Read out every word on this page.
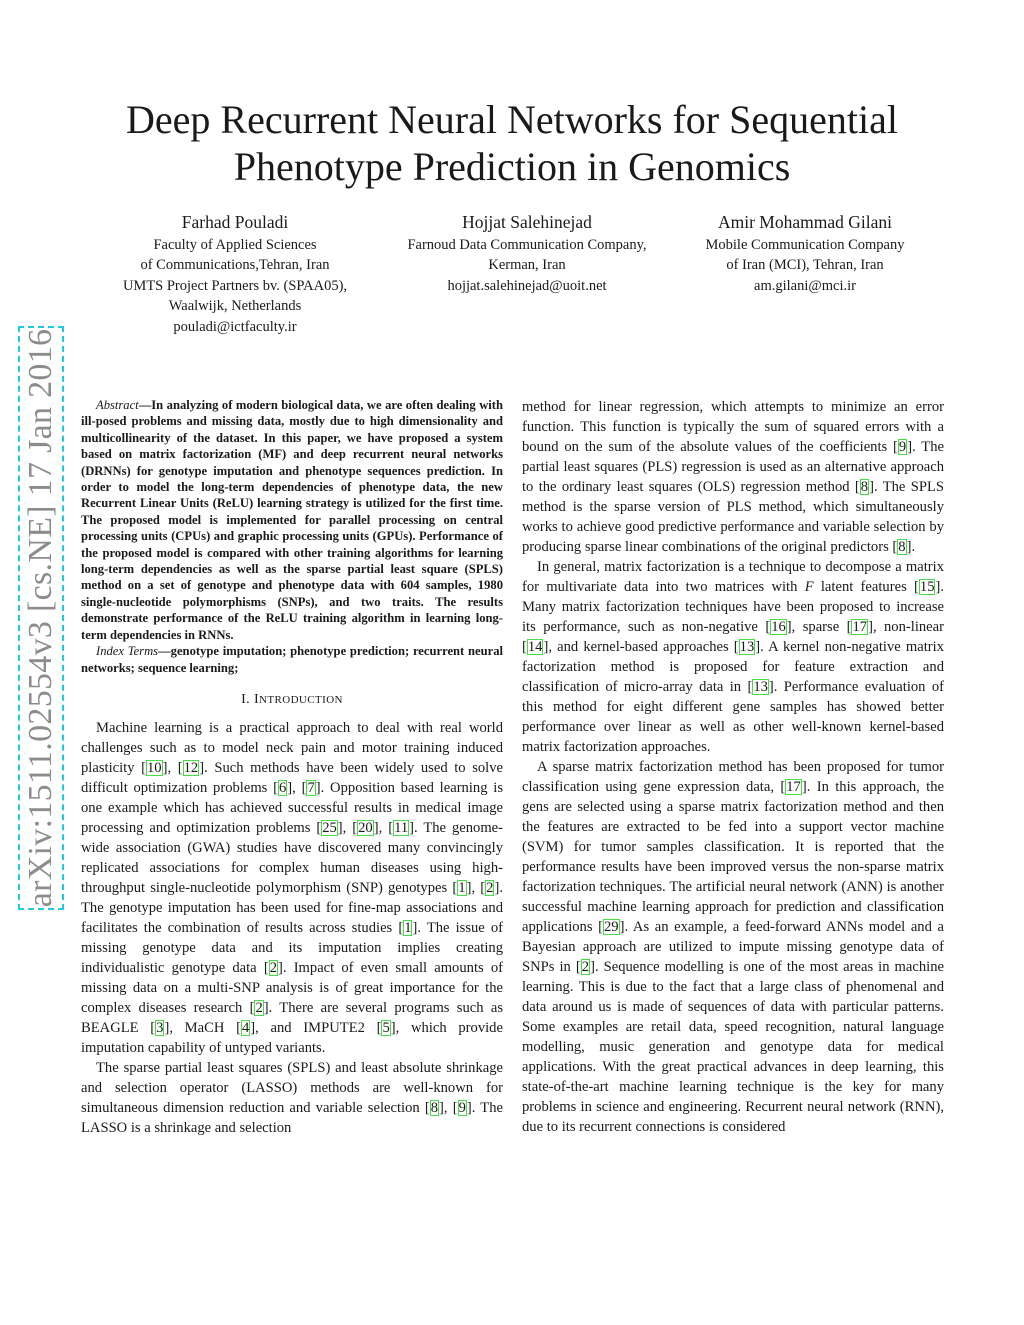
Deep Recurrent Neural Networks for Sequential Phenotype Prediction in Genomics
Farhad Pouladi
Faculty of Applied Sciences
of Communications,Tehran, Iran
UMTS Project Partners bv. (SPAA05),
Waalwijk, Netherlands
pouladi@ictfaculty.ir
Hojjat Salehinejad
Farnoud Data Communication Company,
Kerman, Iran
hojjat.salehinejad@uoit.net
Amir Mohammad Gilani
Mobile Communication Company
of Iran (MCI), Tehran, Iran
am.gilani@mci.ir
arXiv:1511.02554v3 [cs.NE] 17 Jan 2016	Abstract—In analyzing of modern biological data, we are often dealing with ill-posed problems and missing data, mostly due to high dimensionality and multicollinearity of the dataset. In this paper, we have proposed a system based on matrix factorization (MF) and deep recurrent neural networks (DRNNs) for genotype imputation and phenotype sequences prediction. In order to model the long-term dependencies of phenotype data, the new Recurrent Linear Units (ReLU) learning strategy is utilized for the first time. The proposed model is implemented for parallel processing on central processing units (CPUs) and graphic processing units (GPUs). Performance of the proposed model is compared with other training algorithms for learning long-term dependencies as well as the sparse partial least square (SPLS) method on a set of genotype and phenotype data with 604 samples, 1980 single-nucleotide polymorphisms (SNPs), and two traits. The results demonstrate performance of the ReLU training algorithm in learning long-term dependencies in RNNs.

Index Terms—genotype imputation; phenotype prediction; recurrent neural networks; sequence learning;

I. INTRODUCTION

Machine learning is a practical approach to deal with real world challenges such as to model neck pain and motor training induced plasticity [10], [12]. Such methods have been widely used to solve difficult optimization problems [6], [7]. Opposition based learning is one example which has achieved successful results in medical image processing and optimization problems [25], [20], [11]. The genome-wide association (GWA) studies have discovered many convincingly replicated associations for complex human diseases using high-throughput single-nucleotide polymorphism (SNP) genotypes [1], [2]. The genotype imputation has been used for fine-map associations and facilitates the combination of results across studies [1]. The issue of missing genotype data and its imputation implies creating individualistic genotype data [2]. Impact of even small amounts of missing data on a multi-SNP analysis is of great importance for the complex diseases research [2]. There are several programs such as BEAGLE [3], MaCH [4], and IMPUTE2 [5], which provide imputation capability of untyped variants.

The sparse partial least squares (SPLS) and least absolute shrinkage and selection operator (LASSO) methods are well-known for simultaneous dimension reduction and variable selection [8], [9]. The LASSO is a shrinkage and selection

method for linear regression, which attempts to minimize an error function. This function is typically the sum of squared errors with a bound on the sum of the absolute values of the coefficients [9]. The partial least squares (PLS) regression is used as an alternative approach to the ordinary least squares (OLS) regression method [8]. The SPLS method is the sparse version of PLS method, which simultaneously works to achieve good predictive performance and variable selection by producing sparse linear combinations of the original predictors [8].

In general, matrix factorization is a technique to decompose a matrix for multivariate data into two matrices with F latent features [15]. Many matrix factorization techniques have been proposed to increase its performance, such as non-negative [16], sparse [17], non-linear [14], and kernel-based approaches [13]. A kernel non-negative matrix factorization method is proposed for feature extraction and classification of micro-array data in [13]. Performance evaluation of this method for eight different gene samples has showed better performance over linear as well as other well-known kernel-based matrix factorization approaches.

A sparse matrix factorization method has been proposed for tumor classification using gene expression data, [17]. In this approach, the gens are selected using a sparse matrix factorization method and then the features are extracted to be fed into a support vector machine (SVM) for tumor samples classification. It is reported that the performance results have been improved versus the non-sparse matrix factorization techniques. The artificial neural network (ANN) is another successful machine learning approach for prediction and classification applications [29]. As an example, a feed-forward ANNs model and a Bayesian approach are utilized to impute missing genotype data of SNPs in [2]. Sequence modelling is one of the most areas in machine learning. This is due to the fact that a large class of phenomenal and data around us is made of sequences of data with particular patterns. Some examples are retail data, speed recognition, natural language modelling, music generation and genotype data for medical applications. With the great practical advances in deep learning, this state-of-the-art machine learning technique is the key for many problems in science and engineering. Recurrent neural network (RNN), due to its recurrent connections is considered
